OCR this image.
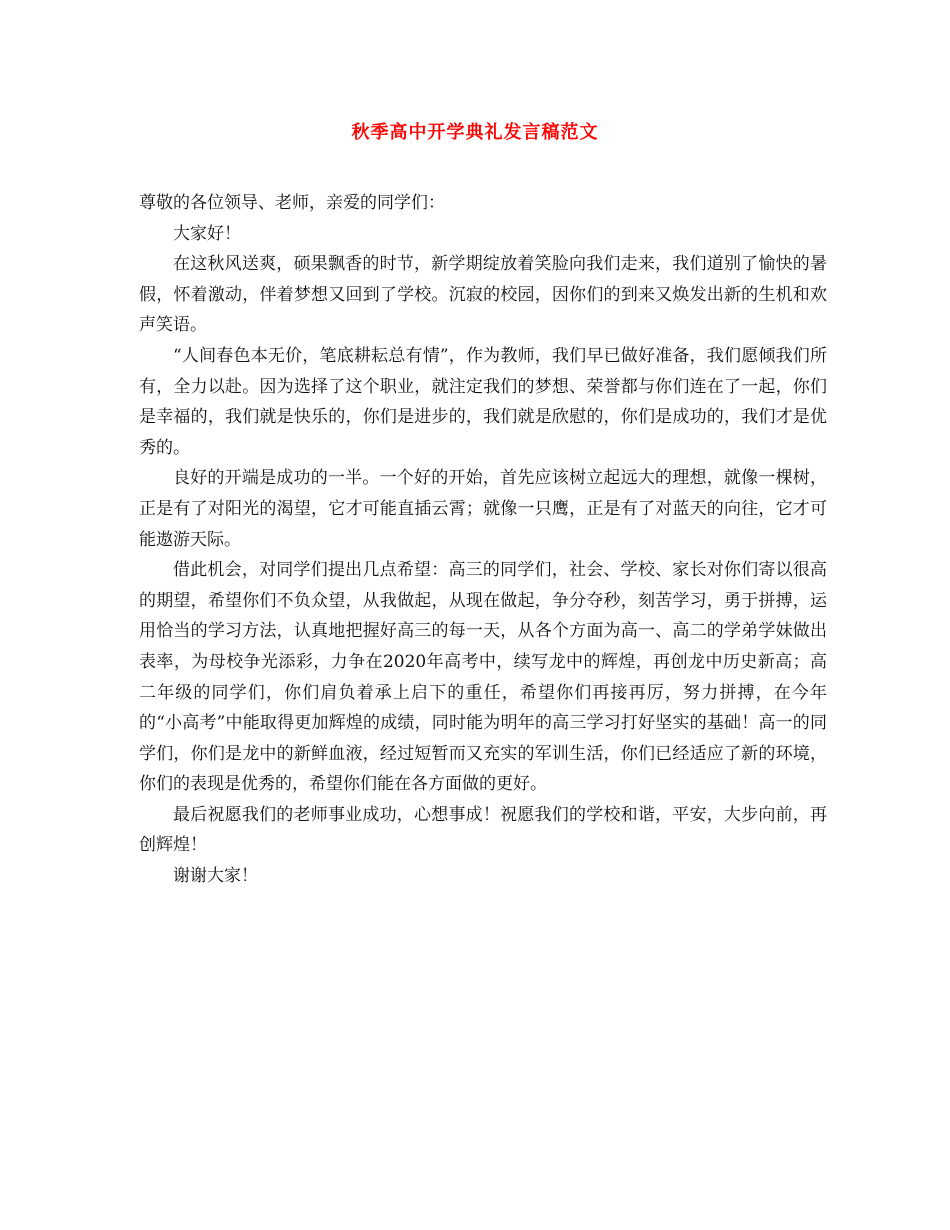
秋季高中开学典礼发言稿范文

尊敬的各位领导、老师，亲爱的同学们：

大家好！

在这秋风送爽，硕果飘香的时节，新学期绽放着笑脸向我们走来，我们道别了愉快的暑假，怀着激动，伴着梦想又回到了学校。沉寂的校园，因你们的到来又焕发出新的生机和欢声笑语。

“人间春色本无价，笔底耕耘总有情”，作为教师，我们早已做好准备，我们愿倾我们所有，全力以赴。因为选择了这个职业，就注定我们的梦想、荣誉都与你们连在了一起，你们是幸福的，我们就是快乐的，你们是进步的，我们就是欣慰的，你们是成功的，我们才是优秀的。

良好的开端是成功的一半。一个好的开始，首先应该树立起远大的理想，就像一棵树，正是有了对阳光的渴望，它才可能直插云霄；就像一只鹰，正是有了对蓝天的向往，它才可能遨游天际。

借此机会，对同学们提出几点希望：高三的同学们，社会、学校、家长对你们寄以很高的期望，希望你们不负众望，从我做起，从现在做起，争分夺秒，刻苦学习，勇于拼搏，运用恰当的学习方法，认真地把握好高三的每一天，从各个方面为高一、高二的学弟学妹做出表率，为母校争光添彩，力争在2020年高考中，续写龙中的辉煌，再创龙中历史新高；高二年级的同学们，你们肩负着承上启下的重任，希望你们再接再厉，努力拼搏，在今年的“小高考”中能取得更加辉煌的成绩，同时能为明年的高三学习打好坚实的基础！高一的同学们，你们是龙中的新鲜血液，经过短暂而又充实的军训生活，你们已经适应了新的环境，你们的表现是优秀的，希望你们能在各方面做的更好。

最后祝愿我们的老师事业成功，心想事成！祝愿我们的学校和谐，平安，大步向前，再创辉煌！

谢谢大家！
